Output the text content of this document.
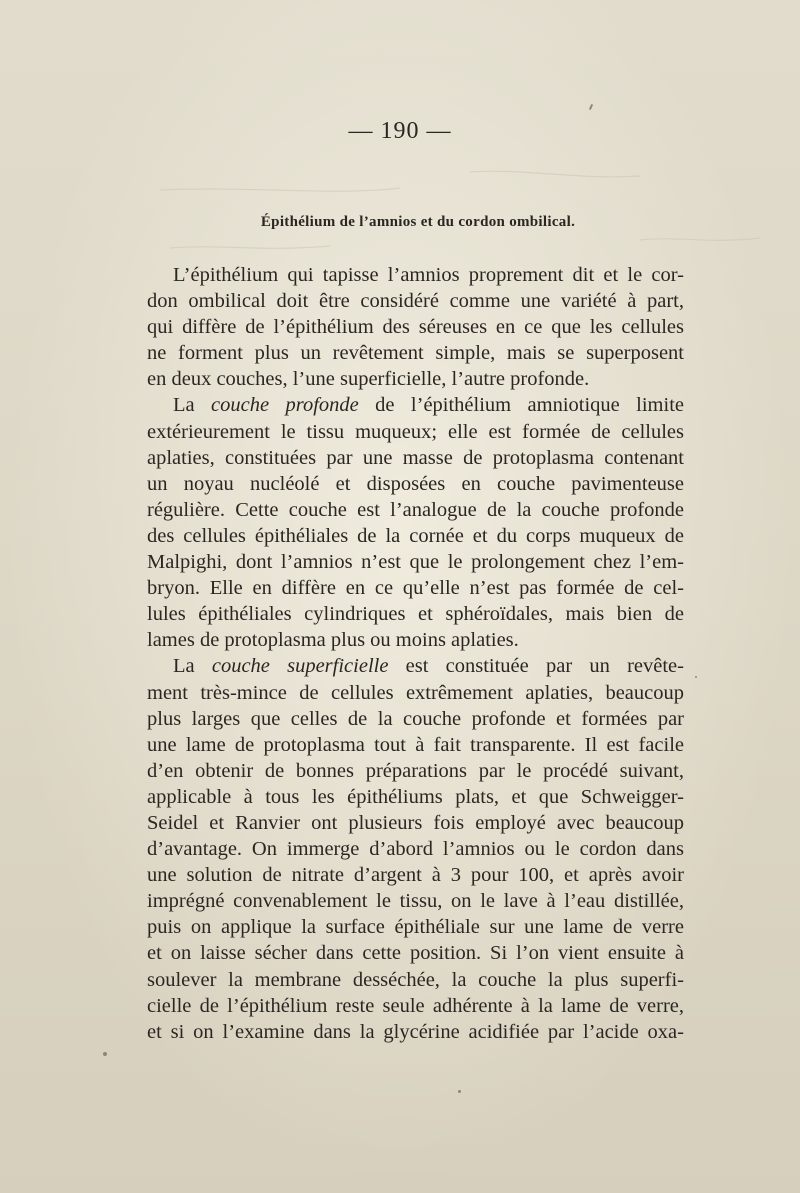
— 190 —
Épithélium de l’amnios et du cordon ombilical.
L’épithélium qui tapisse l’amnios proprement dit et le cor-
don ombilical doit être considéré comme une variété à part,
qui diffère de l’épithélium des séreuses en ce que les cellules
ne forment plus un revêtement simple, mais se superposent
en deux couches, l’une superficielle, l’autre profonde.
La couche profonde de l’épithélium amniotique limite
extérieurement le tissu muqueux; elle est formée de cellules
aplaties, constituées par une masse de protoplasma contenant
un noyau nucléolé et disposées en couche pavimenteuse
régulière. Cette couche est l’analogue de la couche profonde
des cellules épithéliales de la cornée et du corps muqueux de
Malpighi, dont l’amnios n’est que le prolongement chez l’em-
bryon. Elle en diffère en ce qu’elle n’est pas formée de cel-
lules épithéliales cylindriques et sphéroïdales, mais bien de
lames de protoplasma plus ou moins aplaties.
La couche superficielle est constituée par un revête-
ment très-mince de cellules extrêmement aplaties, beaucoup
plus larges que celles de la couche profonde et formées par
une lame de protoplasma tout à fait transparente. Il est facile
d’en obtenir de bonnes préparations par le procédé suivant,
applicable à tous les épithéliums plats, et que Schweigger-
Seidel et Ranvier ont plusieurs fois employé avec beaucoup
d’avantage. On immerge d’abord l’amnios ou le cordon dans
une solution de nitrate d’argent à 3 pour 100, et après avoir
imprégné convenablement le tissu, on le lave à l’eau distillée,
puis on applique la surface épithéliale sur une lame de verre
et on laisse sécher dans cette position. Si l’on vient ensuite à
soulever la membrane desséchée, la couche la plus superfi-
cielle de l’épithélium reste seule adhérente à la lame de verre,
et si on l’examine dans la glycérine acidifiée par l’acide oxa-
